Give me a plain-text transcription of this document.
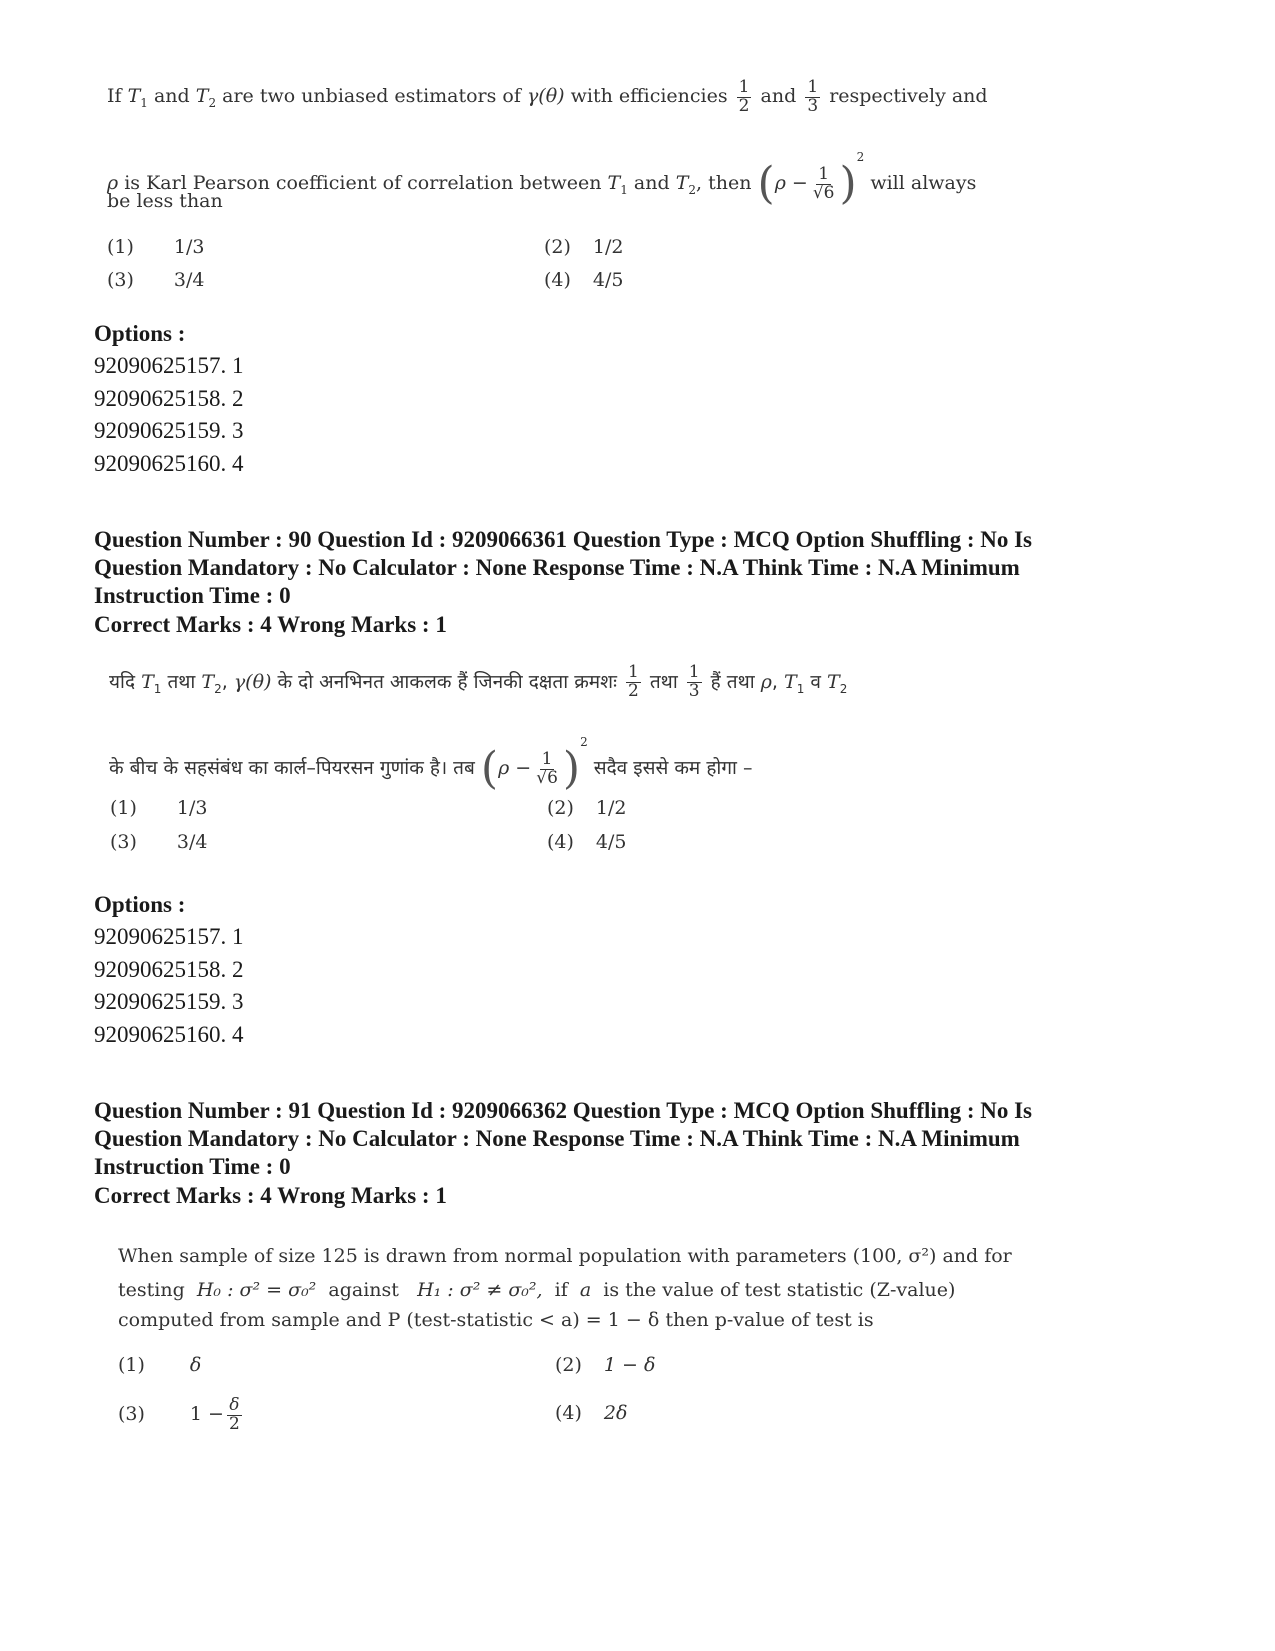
If $T_1$ and $T_2$ are two unbiased estimators of γ(θ) with efficiencies $\frac{1}{2}$ and $\frac{1}{3}$ respectively and
ρ is Karl Pearson coefficient of correlation between $T_1$ and $T_2$, then $(\rho - \frac{1}{√6} )^2$ will always
be less than
(1) 1/3	(2) 1/2
(3) 3/4	(4) 4/5
Options :
92090625157. 1
92090625158. 2
92090625159. 3
92090625160. 4
Question Number : 90 Question Id : 9209066361 Question Type : MCQ Option Shuffling : No Is Question Mandatory : No Calculator : None Response Time : N.A Think Time : N.A Minimum Instruction Time : 0
Correct Marks : 4 Wrong Marks : 1
यदि $T_1$ तथा $T_2$, γ(θ) के दो अनभिनत आकलक हैं जिनकी दक्षता क्रमशः $\frac{1}{2}$ तथा $\frac{1}{3}$ हैं तथा ρ, $T_1$ व $T_2$
के बीच के सहसंबंध का कार्ल–पियरसन गुणांक है। तब $(\rho - \frac{1}{√6} )^2$ सदैव इससे कम होगा –
(1) 1/3	(2) 1/2
(3) 3/4	(4) 4/5
Options :
92090625157. 1
92090625158. 2
92090625159. 3
92090625160. 4
Question Number : 91 Question Id : 9209066362 Question Type : MCQ Option Shuffling : No Is Question Mandatory : No Calculator : None Response Time : N.A Think Time : N.A Minimum Instruction Time : 0
Correct Marks : 4 Wrong Marks : 1
When sample of size 125 is drawn from normal population with parameters (100, σ²) and for
testing H₀ : σ² = σ₀² against H₁ : σ² ≠ σ₀², if a is the value of test statistic (Z-value)
computed from sample and P (test-statistic < a) = 1 − δ then p-value of test is
(1) δ	(2) 1 − δ
(3) $1 - \frac{\delta}{2}$	(4) 2δ
